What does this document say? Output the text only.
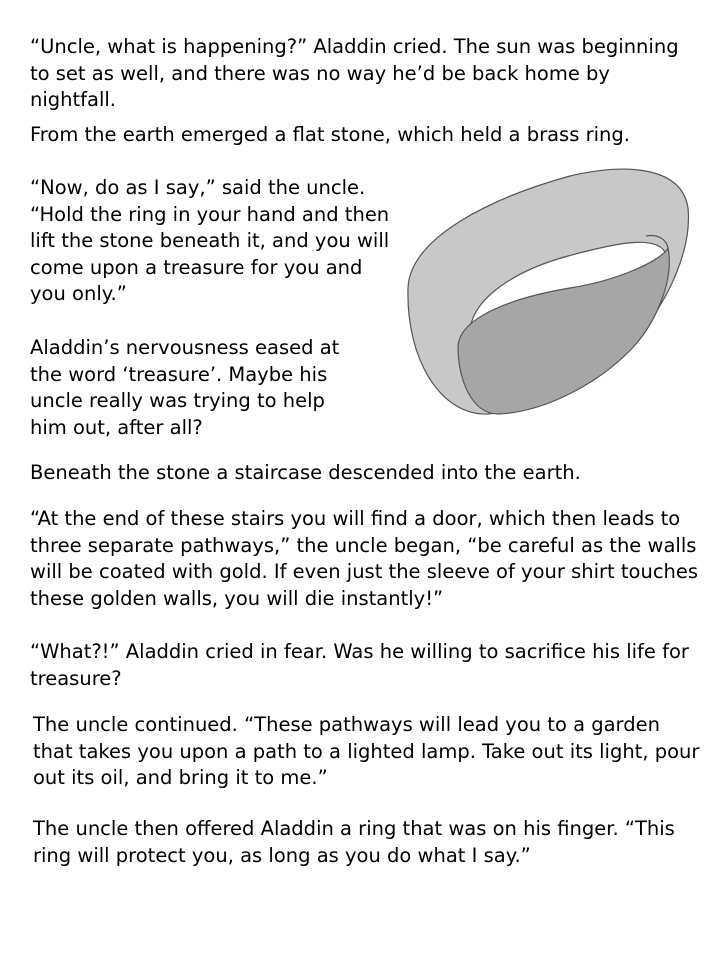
“Uncle, what is happening?” Aladdin cried. The sun was beginning to set as well, and there was no way he’d be back home by nightfall.

From the earth emerged a flat stone, which held a brass ring.

“Now, do as I say,” said the uncle. “Hold the ring in your hand and then lift the stone beneath it, and you will come upon a treasure for you and you only.”

Aladdin’s nervousness eased at the word ‘treasure’. Maybe his uncle really was trying to help him out, after all?

Beneath the stone a staircase descended into the earth.

“At the end of these stairs you will find a door, which then leads to three separate pathways,” the uncle began, “be careful as the walls will be coated with gold. If even just the sleeve of your shirt touches these golden walls, you will die instantly!”

“What?!” Aladdin cried in fear. Was he willing to sacrifice his life for treasure?

The uncle continued. “These pathways will lead you to a garden that takes you upon a path to a lighted lamp. Take out its light, pour out its oil, and bring it to me.”

The uncle then offered Aladdin a ring that was on his finger. “This ring will protect you, as long as you do what I say.”
